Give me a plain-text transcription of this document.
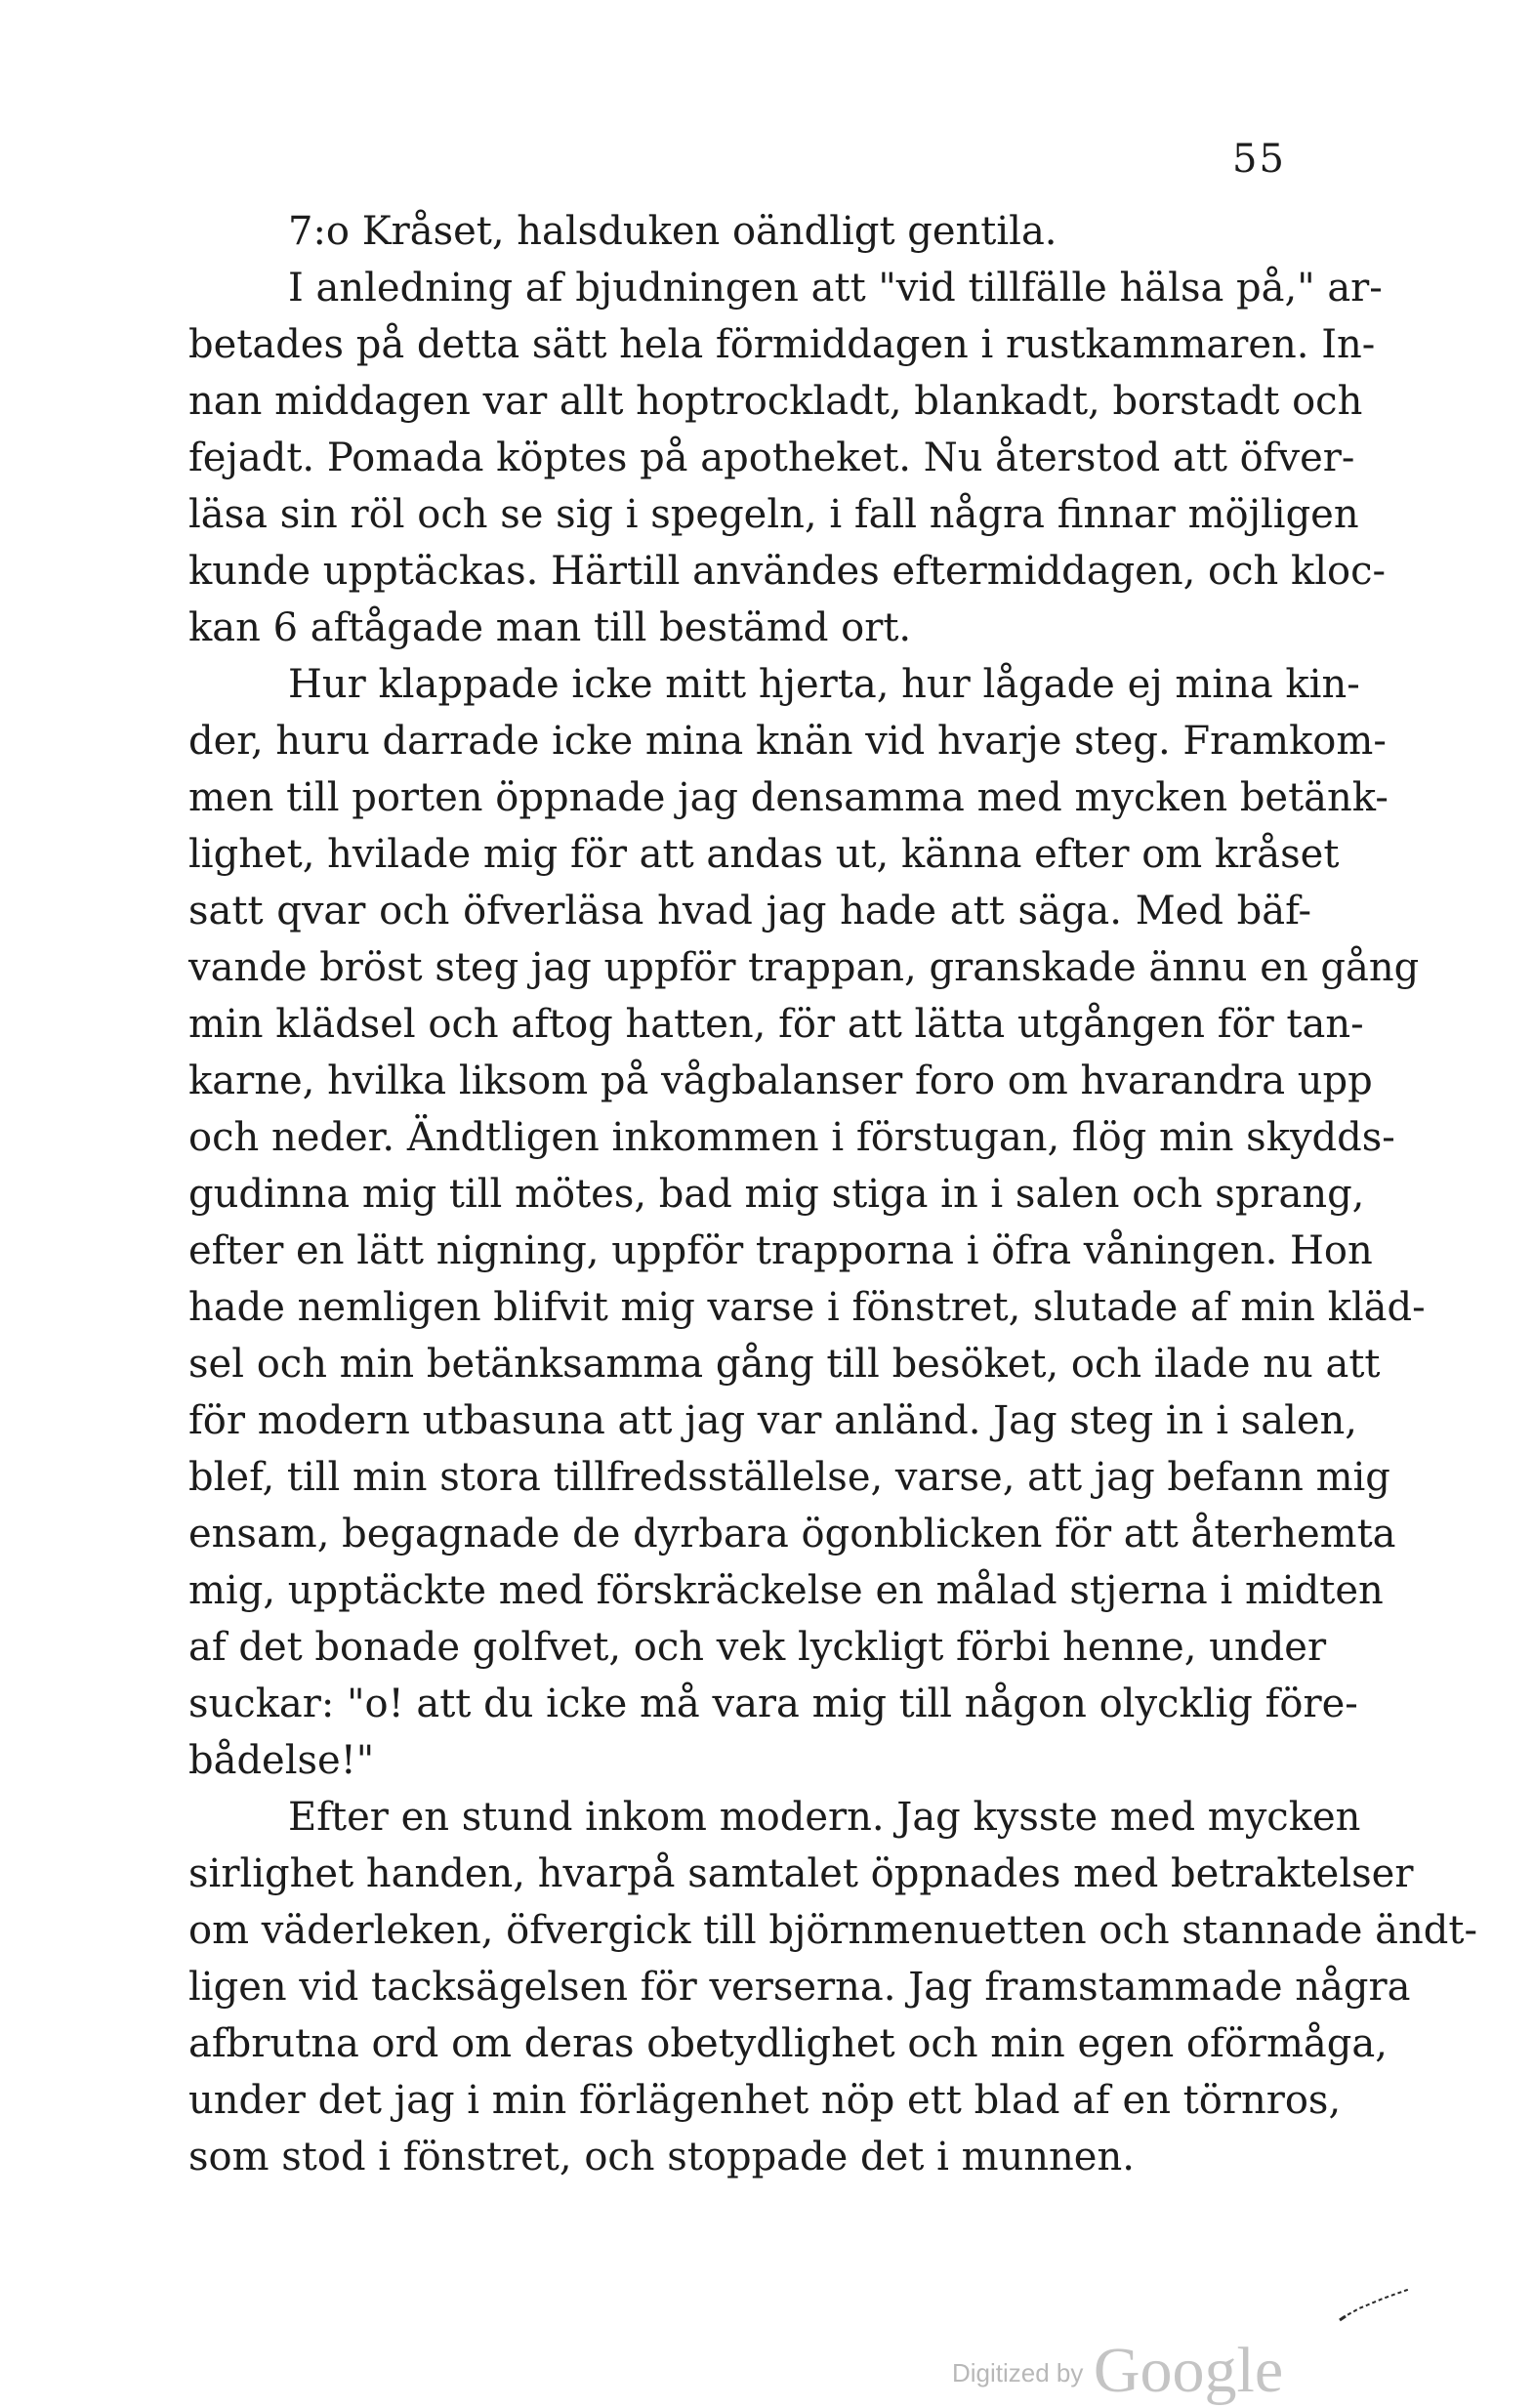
55
7:o Kråset, halsduken oändligt gentila.
I anledning af bjudningen att "vid tillfälle hälsa på," ar-
betades på detta sätt hela förmiddagen i rustkammaren. In-
nan middagen var allt hoptrockladt, blankadt, borstadt och
fejadt. Pomada köptes på apotheket. Nu återstod att öfver-
läsa sin röl och se sig i spegeln, i fall några finnar möjligen
kunde upptäckas. Härtill användes eftermiddagen, och kloc-
kan 6 aftågade man till bestämd ort.
Hur klappade icke mitt hjerta, hur lågade ej mina kin-
der, huru darrade icke mina knän vid hvarje steg. Framkom-
men till porten öppnade jag densamma med mycken betänk-
lighet, hvilade mig för att andas ut, känna efter om kråset
satt qvar och öfverläsa hvad jag hade att säga. Med bäf-
vande bröst steg jag uppför trappan, granskade ännu en gång
min klädsel och aftog hatten, för att lätta utgången för tan-
karne, hvilka liksom på vågbalanser foro om hvarandra upp
och neder. Ändtligen inkommen i förstugan, flög min skydds-
gudinna mig till mötes, bad mig stiga in i salen och sprang,
efter en lätt nigning, uppför trapporna i öfra våningen. Hon
hade nemligen blifvit mig varse i fönstret, slutade af min kläd-
sel och min betänksamma gång till besöket, och ilade nu att
för modern utbasuna att jag var anländ. Jag steg in i salen,
blef, till min stora tillfredsställelse, varse, att jag befann mig
ensam, begagnade de dyrbara ögonblicken för att återhemta
mig, upptäckte med förskräckelse en målad stjerna i midten
af det bonade golfvet, och vek lyckligt förbi henne, under
suckar: "o! att du icke må vara mig till någon olycklig före-
bådelse!"
Efter en stund inkom modern. Jag kysste med mycken
sirlighet handen, hvarpå samtalet öppnades med betraktelser
om väderleken, öfvergick till björnmenuetten och stannade ändt-
ligen vid tacksägelsen för verserna. Jag framstammade några
afbrutna ord om deras obetydlighet och min egen oförmåga,
under det jag i min förlägenhet nöp ett blad af en törnros,
som stod i fönstret, och stoppade det i munnen.
Digitized by Google
